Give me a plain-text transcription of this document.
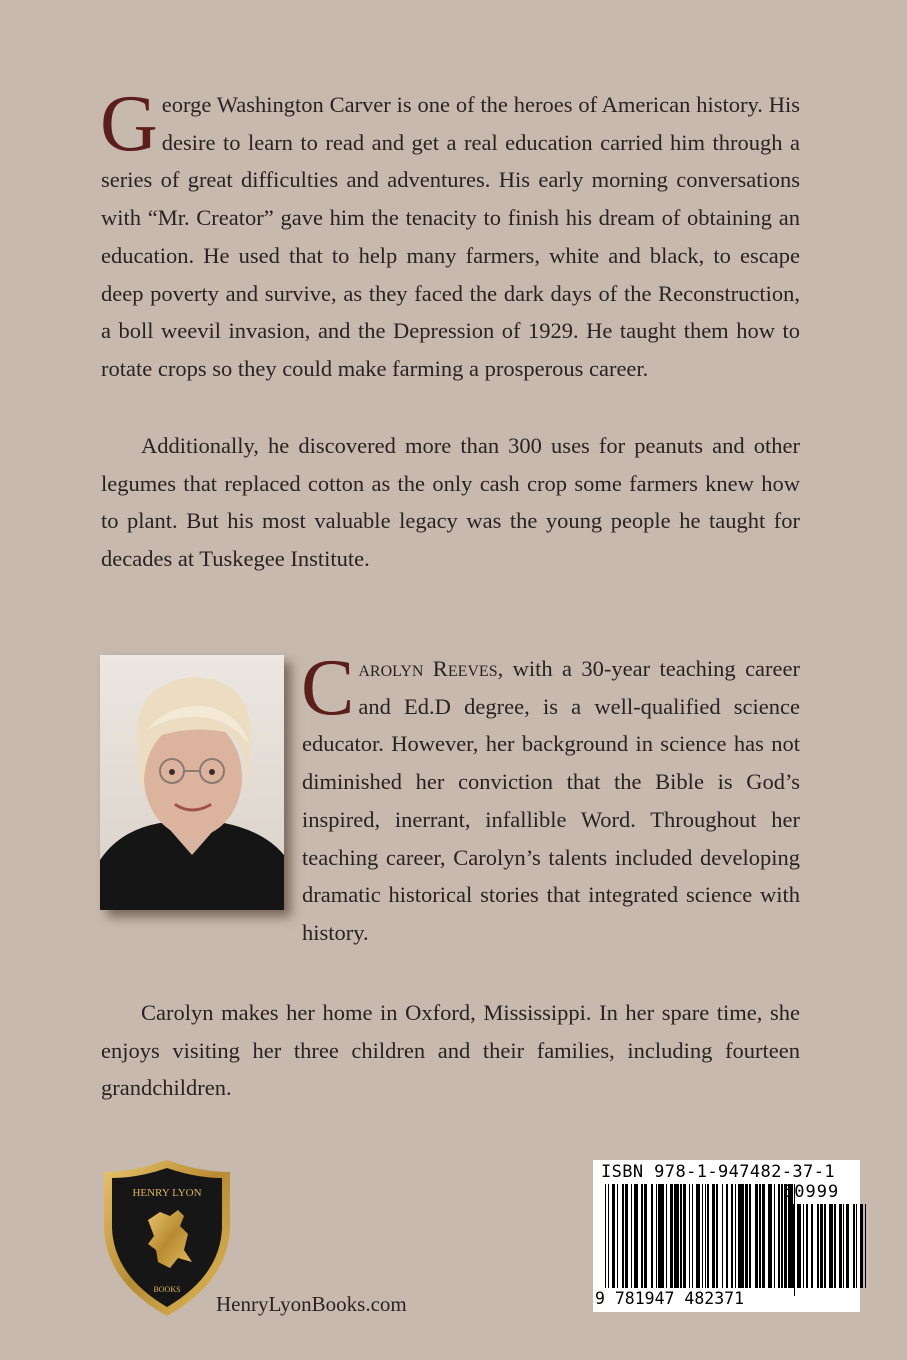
George Washington Carver is one of the heroes of American history. His desire to learn to read and get a real education carried him through a series of great difficulties and adventures. His early morning conversations with “Mr. Creator” gave him the tenacity to finish his dream of obtaining an education. He used that to help many farmers, white and black, to escape deep poverty and survive, as they faced the dark days of the Reconstruction, a boll weevil invasion, and the Depression of 1929. He taught them how to rotate crops so they could make farming a prosperous career.

Additionally, he discovered more than 300 uses for peanuts and other legumes that replaced cotton as the only cash crop some farmers knew how to plant. But his most valuable legacy was the young people he taught for decades at Tuskegee Institute.

Carolyn Reeves, with a 30-year teaching career and Ed.D degree, is a well-qualified science educator. However, her background in science has not diminished her conviction that the Bible is God’s inspired, inerrant, infallible Word. Throughout her teaching career, Carolyn’s talents included developing dramatic historical stories that integrated science with history.

Carolyn makes her home in Oxford, Mississippi. In her spare time, she enjoys visiting her three children and their families, including fourteen grandchildren.

HENRY LYON
BOOKS
HenryLyonBooks.com
ISBN 978-1-947482-37-1
50999
9 781947 482371
